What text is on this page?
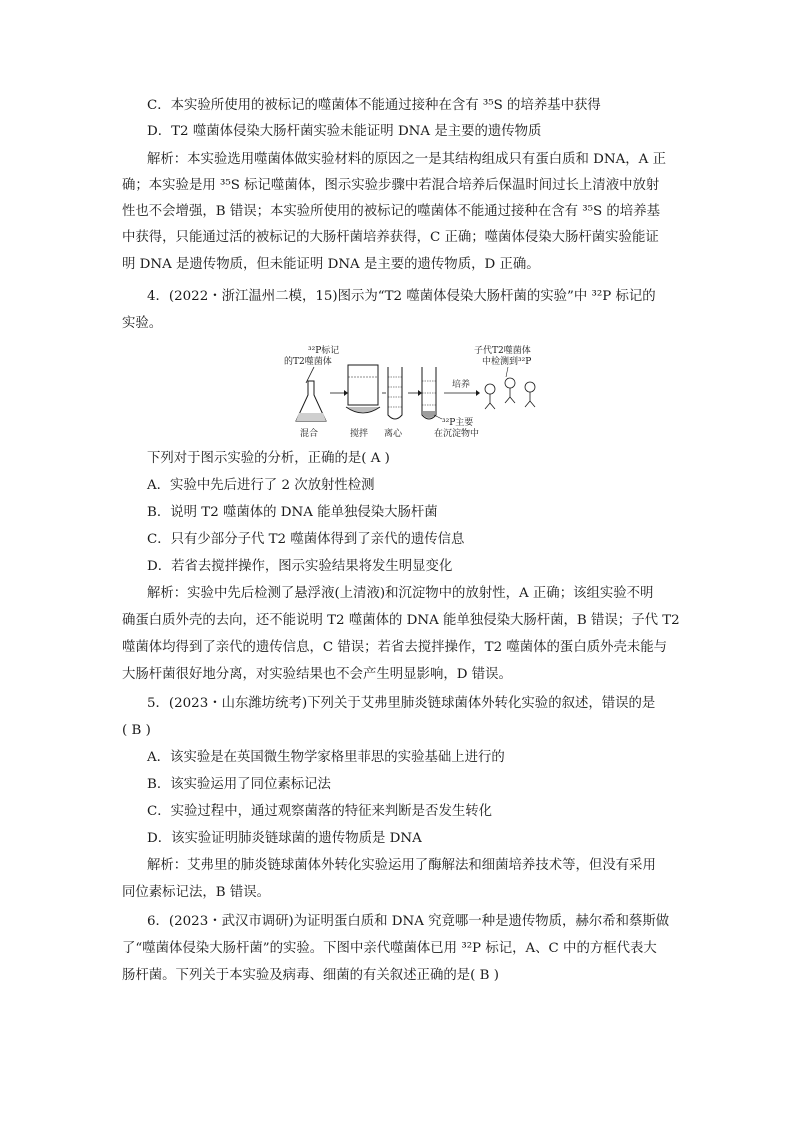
C．本实验所使用的被标记的噬菌体不能通过接种在含有 ³⁵S 的培养基中获得
D．T2 噬菌体侵染大肠杆菌实验未能证明 DNA 是主要的遗传物质
解析：本实验选用噬菌体做实验材料的原因之一是其结构组成只有蛋白质和 DNA，A 正
确；本实验是用 ³⁵S 标记噬菌体，图示实验步骤中若混合培养后保温时间过长上清液中放射
性也不会增强，B 错误；本实验所使用的被标记的噬菌体不能通过接种在含有 ³⁵S 的培养基
中获得，只能通过活的被标记的大肠杆菌培养获得，C 正确；噬菌体侵染大肠杆菌实验能证
明 DNA 是遗传物质，但未能证明 DNA 是主要的遗传物质，D 正确。
4．(2022・浙江温州二模，15)图示为“T2 噬菌体侵染大肠杆菌的实验”中 ³²P 标记的
实验。
³²P标记
的T2噬菌体
培养
子代T2噬菌体
中检测到³²P
混合	搅拌 离心
³²P主要
在沉淀物中
下列对于图示实验的分析，正确的是( A )
A．实验中先后进行了 2 次放射性检测
B．说明 T2 噬菌体的 DNA 能单独侵染大肠杆菌
C．只有少部分子代 T2 噬菌体得到了亲代的遗传信息
D．若省去搅拌操作，图示实验结果将发生明显变化
解析：实验中先后检测了悬浮液(上清液)和沉淀物中的放射性，A 正确；该组实验不明
确蛋白质外壳的去向，还不能说明 T2 噬菌体的 DNA 能单独侵染大肠杆菌，B 错误；子代 T2
噬菌体均得到了亲代的遗传信息，C 错误；若省去搅拌操作，T2 噬菌体的蛋白质外壳未能与
大肠杆菌很好地分离，对实验结果也不会产生明显影响，D 错误。
5．(2023・山东潍坊统考)下列关于艾弗里肺炎链球菌体外转化实验的叙述，错误的是
( B )
A．该实验是在英国微生物学家格里菲思的实验基础上进行的
B．该实验运用了同位素标记法
C．实验过程中，通过观察菌落的特征来判断是否发生转化
D．该实验证明肺炎链球菌的遗传物质是 DNA
解析：艾弗里的肺炎链球菌体外转化实验运用了酶解法和细菌培养技术等，但没有采用
同位素标记法，B 错误。
6．(2023・武汉市调研)为证明蛋白质和 DNA 究竟哪一种是遗传物质，赫尔希和蔡斯做
了“噬菌体侵染大肠杆菌”的实验。下图中亲代噬菌体已用 ³²P 标记，A、C 中的方框代表大
肠杆菌。下列关于本实验及病毒、细菌的有关叙述正确的是( B )
